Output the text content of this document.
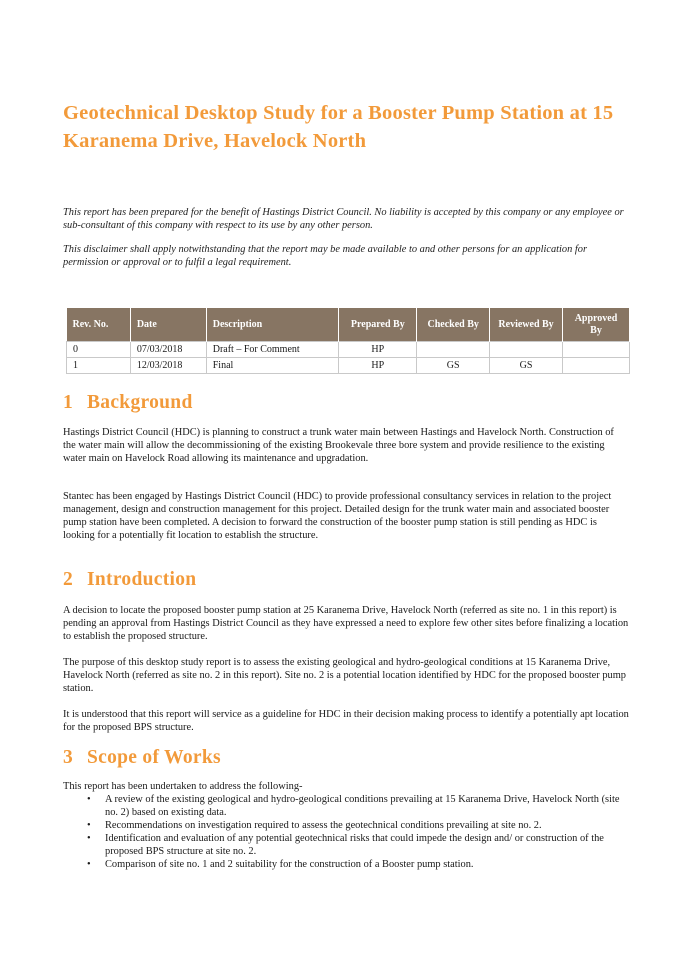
Geotechnical Desktop Study for a Booster Pump Station at 15 Karanema Drive, Havelock North

This report has been prepared for the benefit of Hastings District Council. No liability is accepted by this company or any employee or sub-consultant of this company with respect to its use by any other person.

This disclaimer shall apply notwithstanding that the report may be made available to and other persons for an application for permission or approval or to fulfil a legal requirement.

Rev. No.	Date	Description	Prepared By	Checked By	Reviewed By	Approved By
0	07/03/2018	Draft – For Comment	HP			
1	12/03/2018	Final	HP	GS	GS	
1 Background

Hastings District Council (HDC) is planning to construct a trunk water main between Hastings and Havelock North. Construction of the water main will allow the decommissioning of the existing Brookevale three bore system and provide resilience to the existing water main on Havelock Road allowing its maintenance and upgradation.

Stantec has been engaged by Hastings District Council (HDC) to provide professional consultancy services in relation to the project management, design and construction management for this project. Detailed design for the trunk water main and associated booster pump station have been completed. A decision to forward the construction of the booster pump station is still pending as HDC is looking for a potentially fit location to establish the structure.

2 Introduction

A decision to locate the proposed booster pump station at 25 Karanema Drive, Havelock North (referred as site no. 1 in this report) is pending an approval from Hastings District Council as they have expressed a need to explore few other sites before finalizing a location to establish the proposed structure.

The purpose of this desktop study report is to assess the existing geological and hydro-geological conditions at 15 Karanema Drive, Havelock North (referred as site no. 2 in this report). Site no. 2 is a potential location identified by HDC for the proposed booster pump station.

It is understood that this report will service as a guideline for HDC in their decision making process to identify a potentially apt location for the proposed BPS structure.

3 Scope of Works

This report has been undertaken to address the following-

• A review of the existing geological and hydro-geological conditions prevailing at 15 Karanema Drive, Havelock North (site no. 2) based on existing data.
• Recommendations on investigation required to assess the geotechnical conditions prevailing at site no. 2.
• Identification and evaluation of any potential geotechnical risks that could impede the design and/ or construction of the proposed BPS structure at site no. 2.
• Comparison of site no. 1 and 2 suitability for the construction of a Booster pump station.
